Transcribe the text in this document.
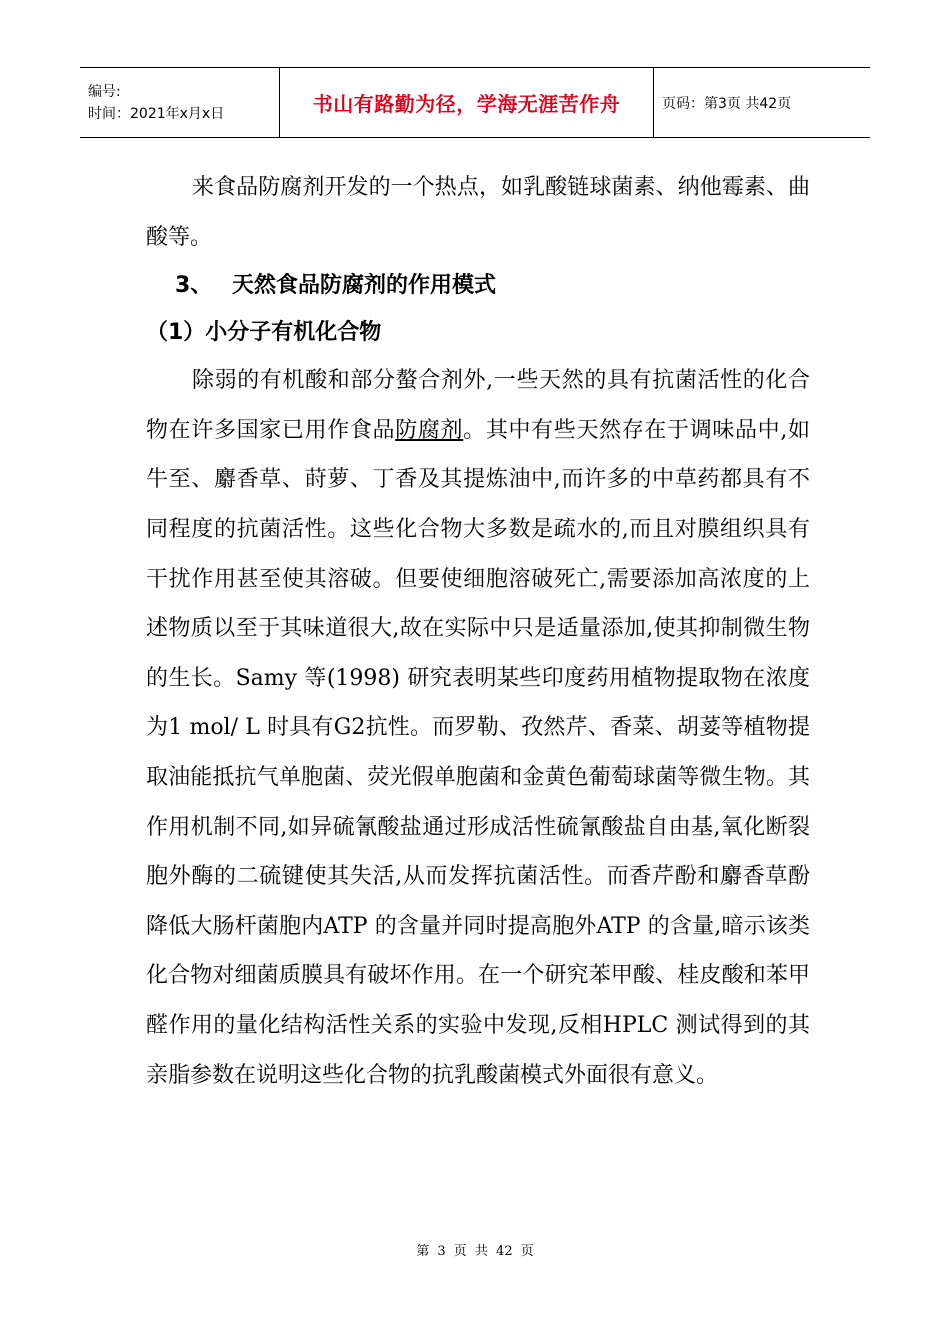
编号:
时间：2021年x月x日	书山有路勤为径，学海无涯苦作舟	页码：第3页 共42页

来食品防腐剂开发的一个热点，如乳酸链球菌素、纳他霉素、曲酸等。

3、 天然食品防腐剂的作用模式

（1）小分子有机化合物

除弱的有机酸和部分螯合剂外,一些天然的具有抗菌活性的化合物在许多国家已用作食品防腐剂。其中有些天然存在于调味品中,如牛至、麝香草、莳萝、丁香及其提炼油中,而许多的中草药都具有不同程度的抗菌活性。这些化合物大多数是疏水的,而且对膜组织具有干扰作用甚至使其溶破。但要使细胞溶破死亡,需要添加高浓度的上述物质以至于其味道很大,故在实际中只是适量添加,使其抑制微生物的生长。Samy 等(1998) 研究表明某些印度药用植物提取物在浓度为1 mol/ L 时具有G2抗性。而罗勒、孜然芹、香菜、胡荽等植物提取油能抵抗气单胞菌、荧光假单胞菌和金黄色葡萄球菌等微生物。其作用机制不同,如异硫氰酸盐通过形成活性硫氰酸盐自由基,氧化断裂胞外酶的二硫键使其失活,从而发挥抗菌活性。而香芹酚和麝香草酚降低大肠杆菌胞内ATP 的含量并同时提高胞外ATP 的含量,暗示该类化合物对细菌质膜具有破坏作用。在一个研究苯甲酸、桂皮酸和苯甲醛作用的量化结构活性关系的实验中发现,反相HPLC 测试得到的其亲脂参数在说明这些化合物的抗乳酸菌模式外面很有意义。

第 3 页 共 42 页
